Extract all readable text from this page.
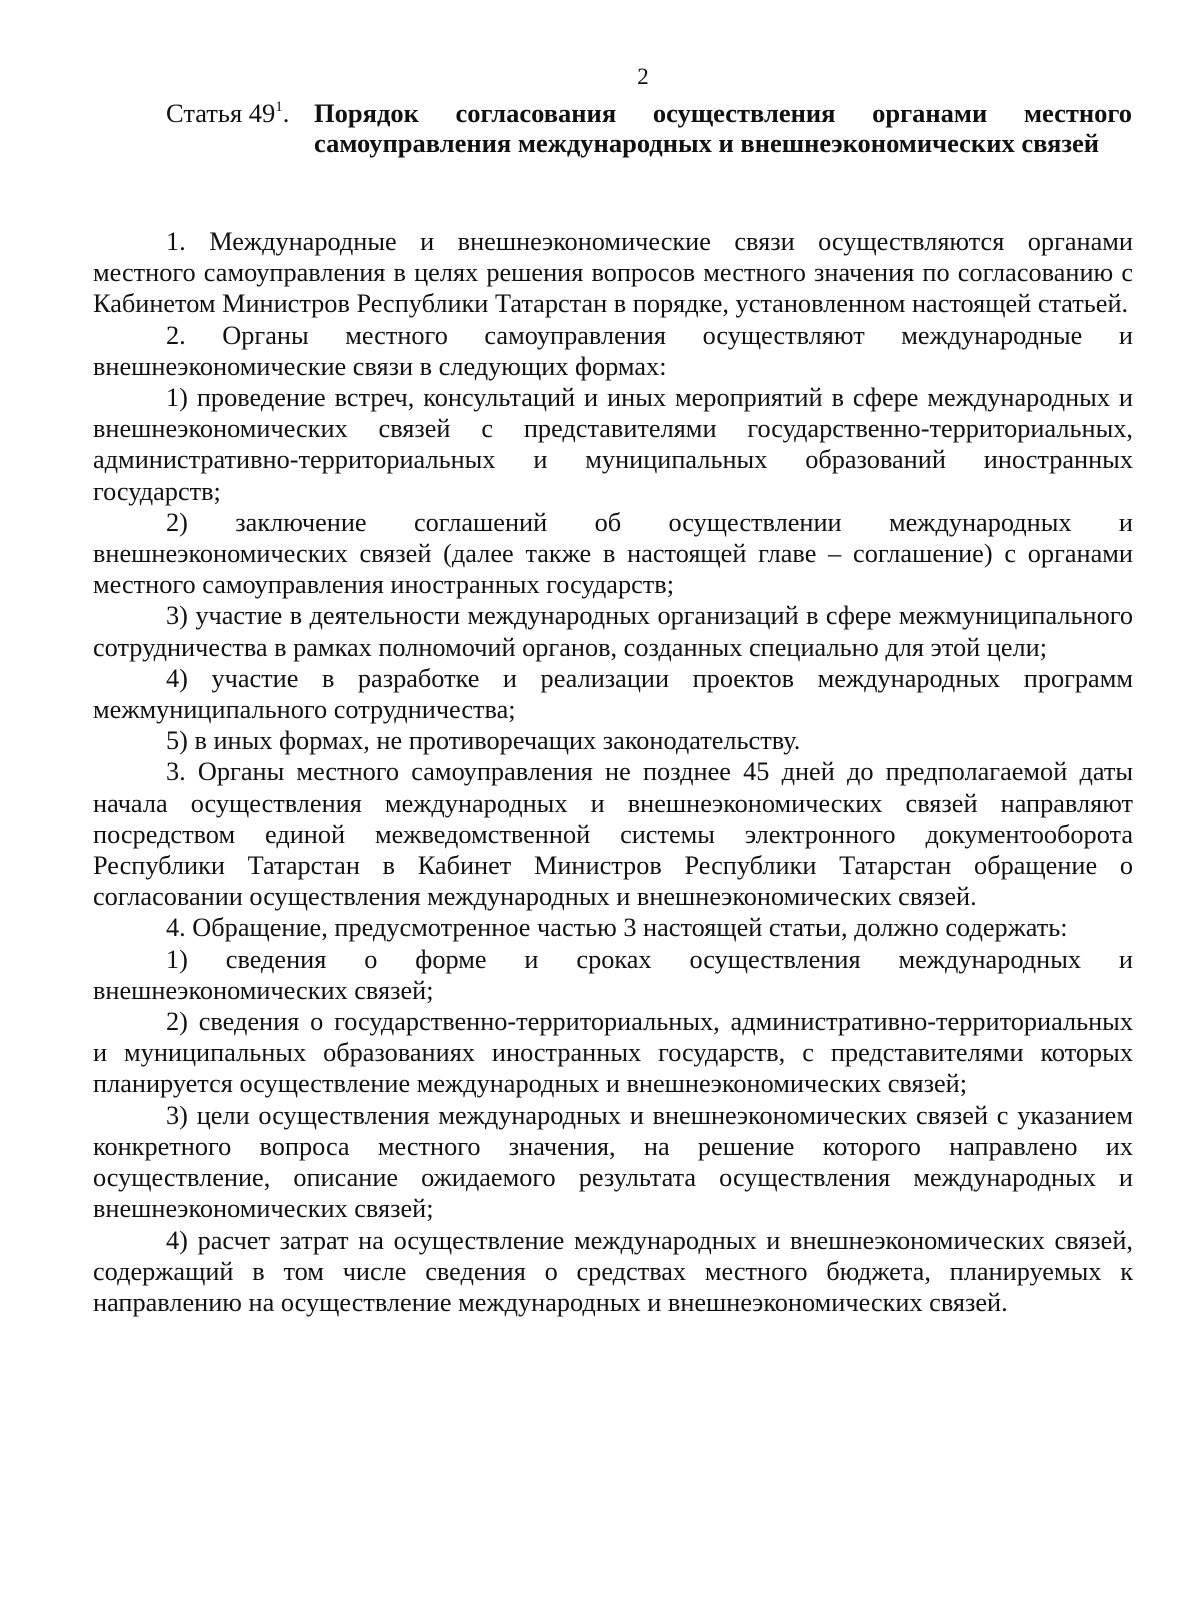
2
Статья $49^1$. Порядок согласования осуществления органами местного самоуправления международных и внешнеэкономических связей

1. Международные и внешнеэкономические связи осуществляются органами местного самоуправления в целях решения вопросов местного значения по согласованию с Кабинетом Министров Республики Татарстан в порядке, установленном настоящей статьей.

2. Органы местного самоуправления осуществляют международные и внешнеэкономические связи в следующих формах:

1) проведение встреч, консультаций и иных мероприятий в сфере международных и внешнеэкономических связей с представителями государственно-территориальных, административно-территориальных и муниципальных образований иностранных государств;

2) заключение соглашений об осуществлении международных и внешнеэкономических связей (далее также в настоящей главе – соглашение) с органами местного самоуправления иностранных государств;

3) участие в деятельности международных организаций в сфере межмуниципального сотрудничества в рамках полномочий органов, созданных специально для этой цели;

4) участие в разработке и реализации проектов международных программ межмуниципального сотрудничества;

5) в иных формах, не противоречащих законодательству.

3. Органы местного самоуправления не позднее 45 дней до предполагаемой даты начала осуществления международных и внешнеэкономических связей направляют посредством единой межведомственной системы электронного документооборота Республики Татарстан в Кабинет Министров Республики Татарстан обращение о согласовании осуществления международных и внешнеэкономических связей.

4. Обращение, предусмотренное частью 3 настоящей статьи, должно содержать:

1) сведения о форме и сроках осуществления международных и внешнеэкономических связей;

2) сведения о государственно-территориальных, административно-территориальных и муниципальных образованиях иностранных государств, с представителями которых планируется осуществление международных и внешнеэкономических связей;

3) цели осуществления международных и внешнеэкономических связей с указанием конкретного вопроса местного значения, на решение которого направлено их осуществление, описание ожидаемого результата осуществления международных и внешнеэкономических связей;

4) расчет затрат на осуществление международных и внешнеэкономических связей, содержащий в том числе сведения о средствах местного бюджета, планируемых к направлению на осуществление международных и внешнеэкономических связей.
